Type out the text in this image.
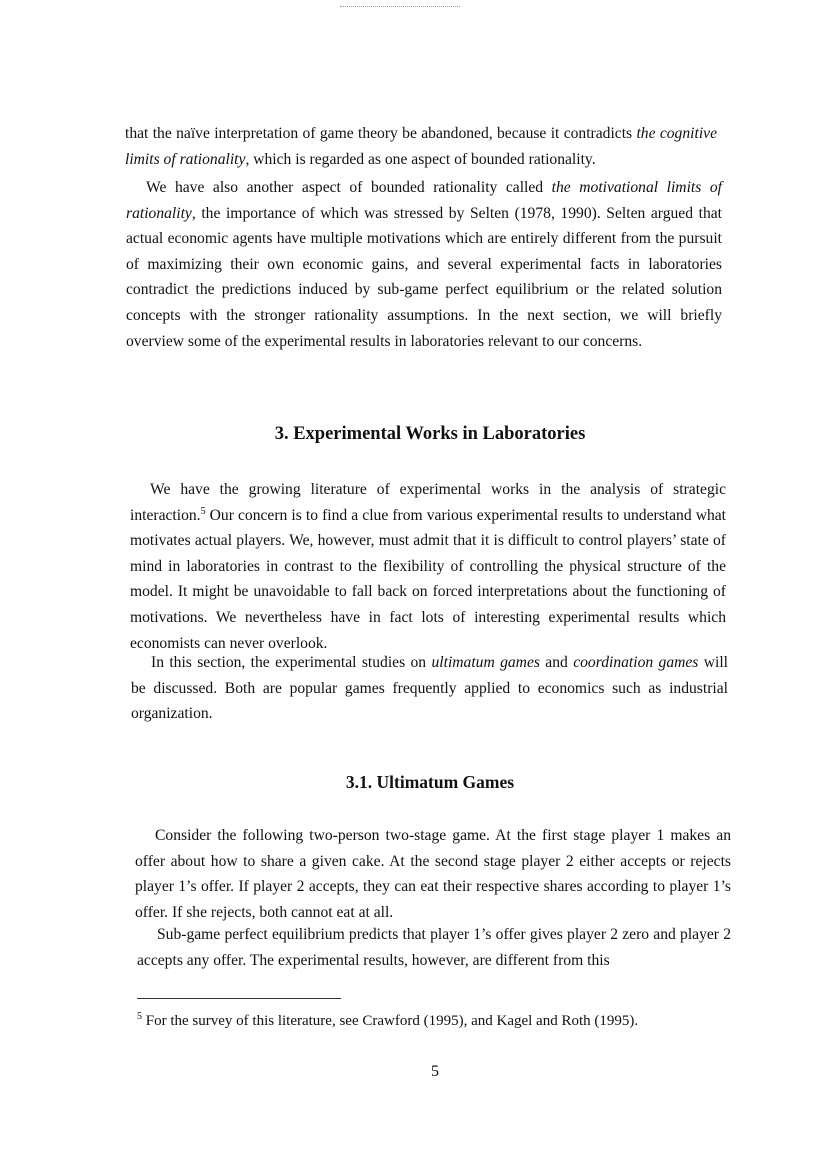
that the naïve interpretation of game theory be abandoned, because it contradicts the cognitive limits of rationality, which is regarded as one aspect of bounded rationality.

We have also another aspect of bounded rationality called the motivational limits of rationality, the importance of which was stressed by Selten (1978, 1990). Selten argued that actual economic agents have multiple motivations which are entirely different from the pursuit of maximizing their own economic gains, and several experimental facts in laboratories contradict the predictions induced by sub-game perfect equilibrium or the related solution concepts with the stronger rationality assumptions. In the next section, we will briefly overview some of the experimental results in laboratories relevant to our concerns.

3. Experimental Works in Laboratories

We have the growing literature of experimental works in the analysis of strategic interaction.$^5$ Our concern is to find a clue from various experimental results to understand what motivates actual players. We, however, must admit that it is difficult to control players’ state of mind in laboratories in contrast to the flexibility of controlling the physical structure of the model. It might be unavoidable to fall back on forced interpretations about the functioning of motivations. We nevertheless have in fact lots of interesting experimental results which economists can never overlook.

In this section, the experimental studies on ultimatum games and coordination games will be discussed. Both are popular games frequently applied to economics such as industrial organization.

3.1. Ultimatum Games

Consider the following two-person two-stage game. At the first stage player 1 makes an offer about how to share a given cake. At the second stage player 2 either accepts or rejects player 1’s offer. If player 2 accepts, they can eat their respective shares according to player 1’s offer. If she rejects, both cannot eat at all.

Sub-game perfect equilibrium predicts that player 1’s offer gives player 2 zero and player 2 accepts any offer. The experimental results, however, are different from this

$^5$ For the survey of this literature, see Crawford (1995), and Kagel and Roth (1995).

5
